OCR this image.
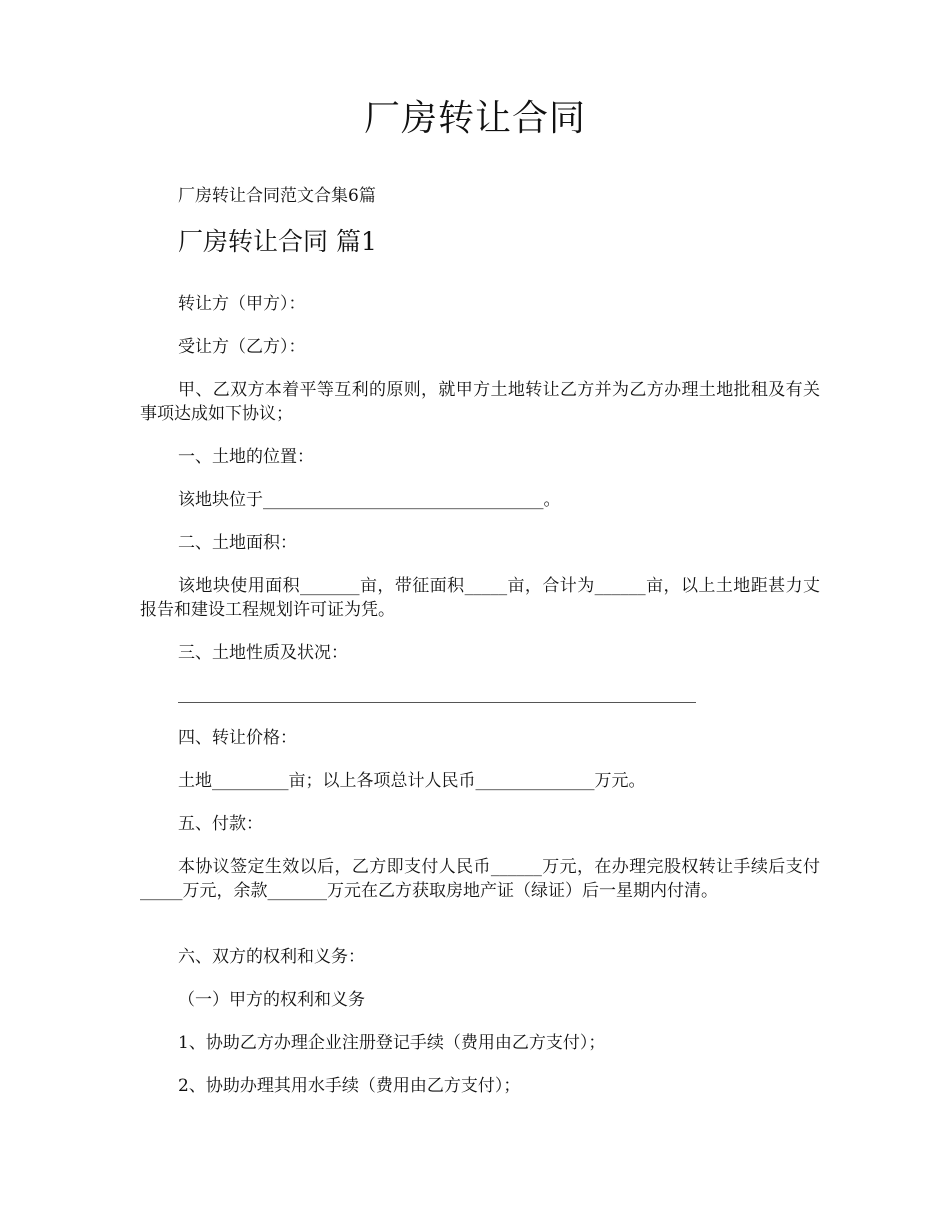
厂房转让合同

厂房转让合同范文合集6篇

厂房转让合同 篇1

转让方（甲方）：

受让方（乙方）：

甲、乙双方本着平等互利的原则，就甲方土地转让乙方并为乙方办理土地批租及有关事项达成如下协议；

一、土地的位置：

该地块位于_________________________________。

二、土地面积：

该地块使用面积_______亩，带征面积_____亩，合计为______亩，以上土地距甚力丈报告和建设工程规划许可证为凭。

三、土地性质及状况：

四、转让价格：

土地_________亩；以上各项总计人民币______________万元。

五、付款：

本协议签定生效以后，乙方即支付人民币______万元，在办理完股权转让手续后支付_____万元，余款_______万元在乙方获取房地产证（绿证）后一星期内付清。

六、双方的权利和义务：

（一）甲方的权利和义务

1、协助乙方办理企业注册登记手续（费用由乙方支付）；

2、协助办理其用水手续（费用由乙方支付）；
